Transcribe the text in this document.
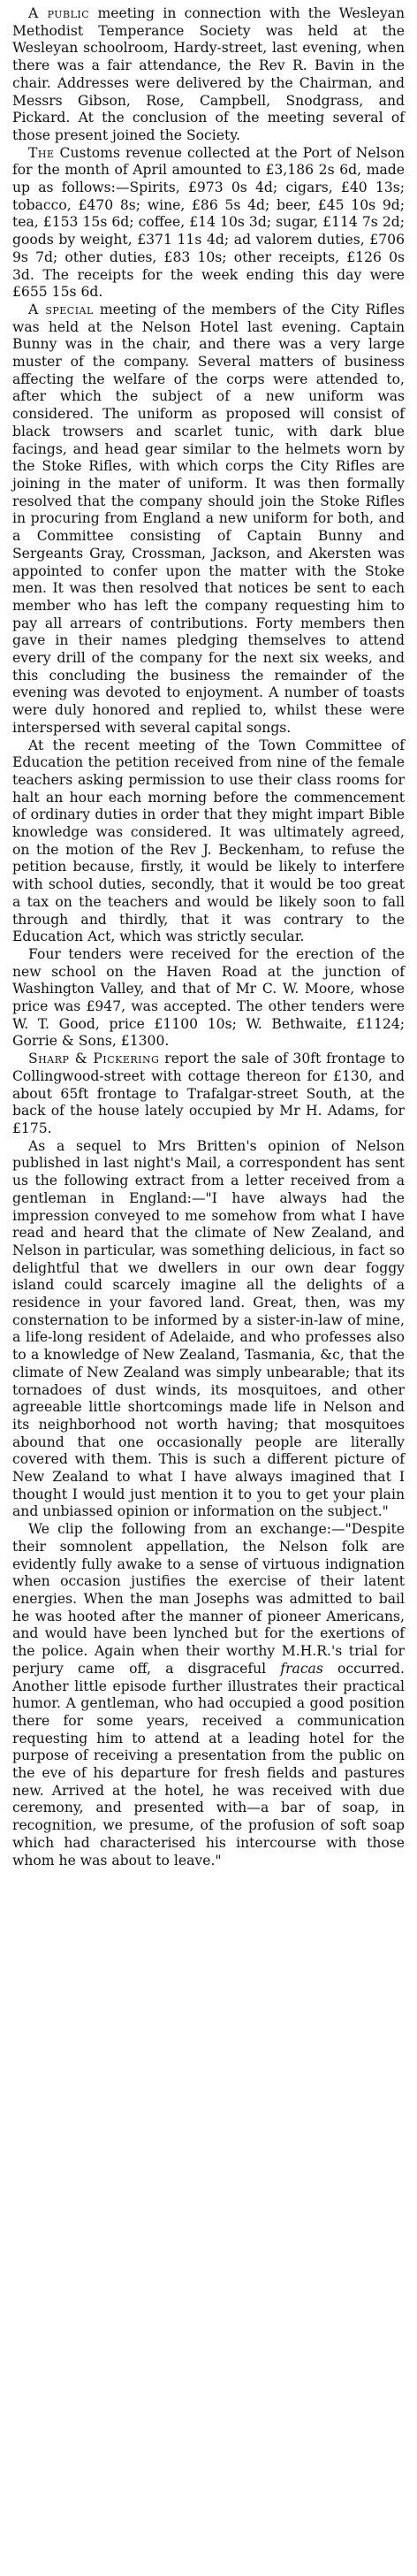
A public meeting in connection with the Wesleyan Methodist Temperance Society was held at the Wesleyan schoolroom, Hardy-street, last evening, when there was a fair attendance, the Rev R. Bavin in the chair. Addresses were delivered by the Chairman, and Messrs Gibson, Rose, Campbell, Snodgrass, and Pickard. At the conclusion of the meeting several of those present joined the Society.

The Customs revenue collected at the Port of Nelson for the month of April amounted to £3,186 2s 6d, made up as follows:—Spirits, £973 0s 4d; cigars, £40 13s; tobacco, £470 8s; wine, £86 5s 4d; beer, £45 10s 9d; tea, £153 15s 6d; coffee, £14 10s 3d; sugar, £114 7s 2d; goods by weight, £371 11s 4d; ad valorem duties, £706 9s 7d; other duties, £83 10s; other receipts, £126 0s 3d. The receipts for the week ending this day were £655 15s 6d.

A special meeting of the members of the City Rifles was held at the Nelson Hotel last evening. Captain Bunny was in the chair, and there was a very large muster of the company. Several matters of business affecting the welfare of the corps were attended to, after which the subject of a new uniform was considered. The uniform as proposed will consist of black trowsers and scarlet tunic, with dark blue facings, and head gear similar to the helmets worn by the Stoke Rifles, with which corps the City Rifles are joining in the mater of uniform. It was then formally resolved that the company should join the Stoke Rifles in procuring from England a new uniform for both, and a Committee consisting of Captain Bunny and Sergeants Gray, Crossman, Jackson, and Akersten was appointed to confer upon the matter with the Stoke men. It was then resolved that notices be sent to each member who has left the company requesting him to pay all arrears of contributions. Forty members then gave in their names pledging themselves to attend every drill of the company for the next six weeks, and this concluding the business the remainder of the evening was devoted to enjoyment. A number of toasts were duly honored and replied to, whilst these were interspersed with several capital songs.

At the recent meeting of the Town Committee of Education the petition received from nine of the female teachers asking permission to use their class rooms for halt an hour each morning before the commencement of ordinary duties in order that they might impart Bible knowledge was considered. It was ultimately agreed, on the motion of the Rev J. Beckenham, to refuse the petition because, firstly, it would be likely to interfere with school duties, secondly, that it would be too great a tax on the teachers and would be likely soon to fall through and thirdly, that it was contrary to the Education Act, which was strictly secular.

Four tenders were received for the erection of the new school on the Haven Road at the junction of Washington Valley, and that of Mr C. W. Moore, whose price was £947, was accepted. The other tenders were W. T. Good, price £1100 10s; W. Bethwaite, £1124; Gorrie & Sons, £1300.

Sharp & Pickering report the sale of 30ft frontage to Collingwood-street with cottage thereon for £130, and about 65ft frontage to Trafalgar-street South, at the back of the house lately occupied by Mr H. Adams, for £175.

As a sequel to Mrs Britten's opinion of Nelson published in last night's Mail, a correspondent has sent us the following extract from a letter received from a gentleman in England:—"I have always had the impression conveyed to me somehow from what I have read and heard that the climate of New Zealand, and Nelson in particular, was something delicious, in fact so delightful that we dwellers in our own dear foggy island could scarcely imagine all the delights of a residence in your favored land. Great, then, was my consternation to be informed by a sister-in-law of mine, a life-long resident of Adelaide, and who professes also to a knowledge of New Zealand, Tasmania, &c, that the climate of New Zealand was simply unbearable; that its tornadoes of dust winds, its mosquitoes, and other agreeable little shortcomings made life in Nelson and its neighborhood not worth having; that mosquitoes abound that one occasionally people are literally covered with them. This is such a different picture of New Zealand to what I have always imagined that I thought I would just mention it to you to get your plain and unbiassed opinion or information on the subject."

We clip the following from an exchange:—"Despite their somnolent appellation, the Nelson folk are evidently fully awake to a sense of virtuous indignation when occasion justifies the exercise of their latent energies. When the man Josephs was admitted to bail he was hooted after the manner of pioneer Americans, and would have been lynched but for the exertions of the police. Again when their worthy M.H.R.'s trial for perjury came off, a disgraceful fracas occurred. Another little episode further illustrates their practical humor. A gentleman, who had occupied a good position there for some years, received a communication requesting him to attend at a leading hotel for the purpose of receiving a presentation from the public on the eve of his departure for fresh fields and pastures new. Arrived at the hotel, he was received with due ceremony, and presented with—a bar of soap, in recognition, we presume, of the profusion of soft soap which had characterised his intercourse with those whom he was about to leave."
